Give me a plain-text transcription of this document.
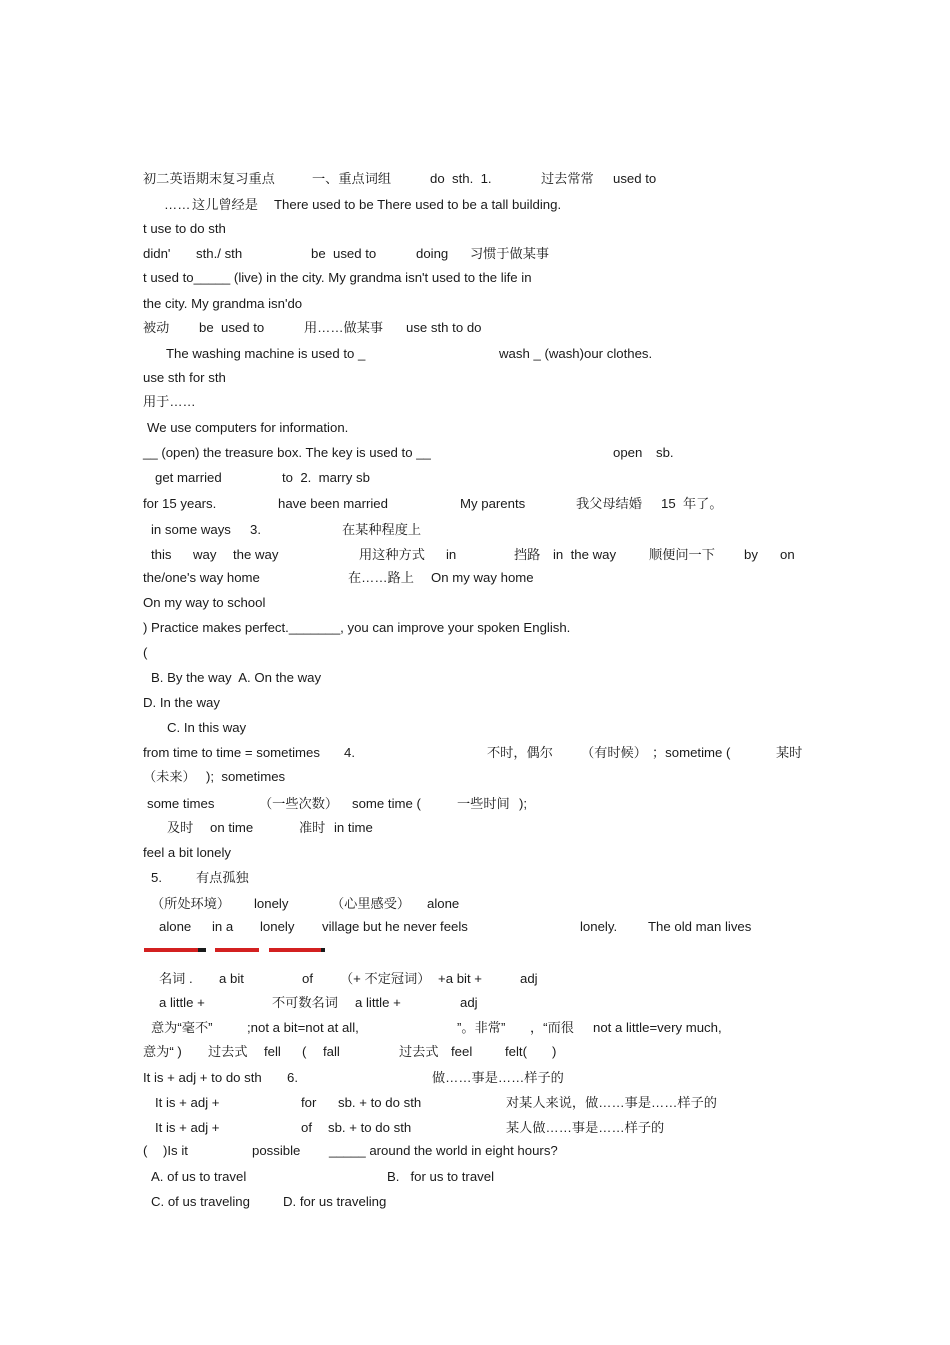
初二英语期末复习重点	一、重点词组	do  sth.  1.	过去常常 used to
…… 这儿曾经是 There used to be There used to be a tall building.
t use to do sth
didn' sth./ sth	be  used to	doing 习惯于做某事
t used to_____ (live) in the city. My grandma isn't used to the life in
the city. My grandma isn'do
被动 be  used to	用……做某事 use sth to do
The washing machine is used to _	wash _ (wash)our clothes.
use sth for sth
用于……
We use computers for information.
__ (open) the treasure box. The key is used to __	open sb.
get married	to  2.  marry sb
for 15 years.	have been married	My parents	我父母结婚 15  年了。
in some ways 3.	在某种程度上
this way the way	用这种方式 in	挡路 in  the way 顺便问一下 by on
the/one's way home	在……路上 On my way home
On my way to school
) Practice makes perfect._______, you can improve your spoken English.
(
B. By the way  A. On the way
D. In the way
C. In this way
from time to time = sometimes 4.	不时，偶尔 （有时候） ；sometime (	某时
（未来） );  sometimes
some times	（一些次数） some time (	一些时间 );
及时 on time	准时 in time
feel a bit lonely
5.	有点孤独
（所处环境） lonely	（心里感受） alone
alone in a lonely village but he never feels	lonely. The old man lives
名词 . a bit	of （+ 不定冠词） +a bit +	adj
a little +	不可数名词 a little +	adj
意为“毫不”	;not a bit=not at all,	”。非常” ，“而很 not a little=very much,
意为“ ) 过去式 fell ( fall	过去式 feel felt( )
It is + adj + to do sth 6.	做……事是……样子的
It is + adj +	for sb. + to do sth	对某人来说，做……事是……样子的
It is + adj +	of sb. + to do sth	某人做……事是……样子的
( )Is it	possible _____ around the world in eight hours?
A. of us to travel	B.   for us to travel
C. of us traveling	D. for us traveling
